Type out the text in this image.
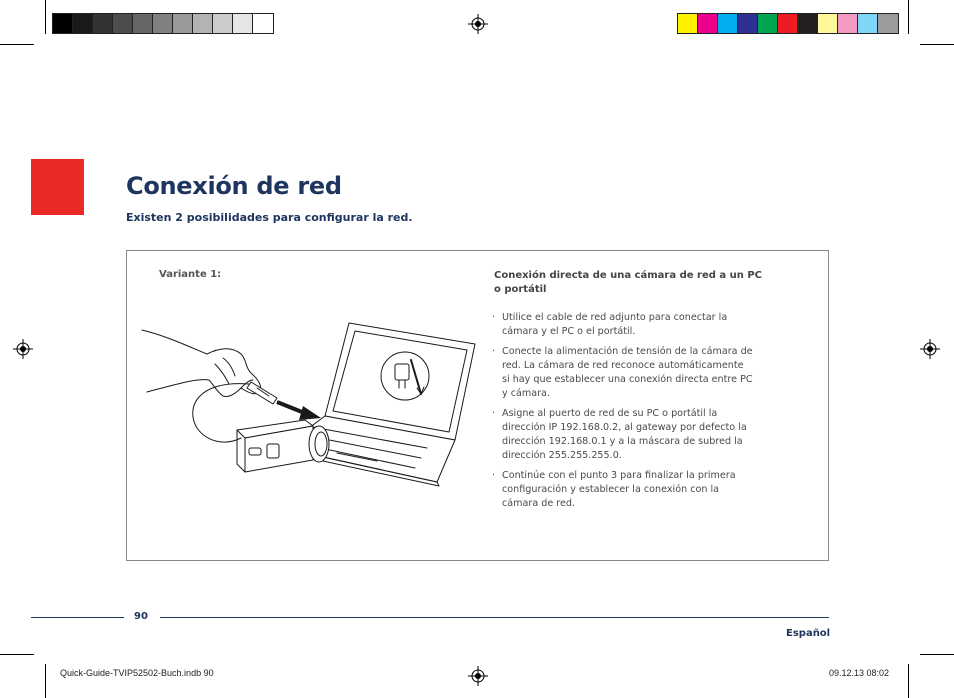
Conexión de red
Existen 2 posibilidades para configurar la red.
Variante 1:	Conexión directa de una cámara de red a un PC
o portátil
· Utilice el cable de red adjunto para conectar la
cámara y el PC o el portátil.
· Conecte la alimentación de tensión de la cámara de
red. La cámara de red reconoce automáticamente
si hay que establecer una conexión directa entre PC
y cámara.
· Asigne al puerto de red de su PC o portátil la
dirección IP 192.168.0.2, al gateway por defecto la
dirección 192.168.0.1 y a la máscara de subred la
dirección 255.255.255.0.
· Continúe con el punto 3 para finalizar la primera
configuración y establecer la conexión con la
cámara de red.
90
Español
Quick-Guide-TVIP52502-Buch.indb 90	09.12.13 08:02
